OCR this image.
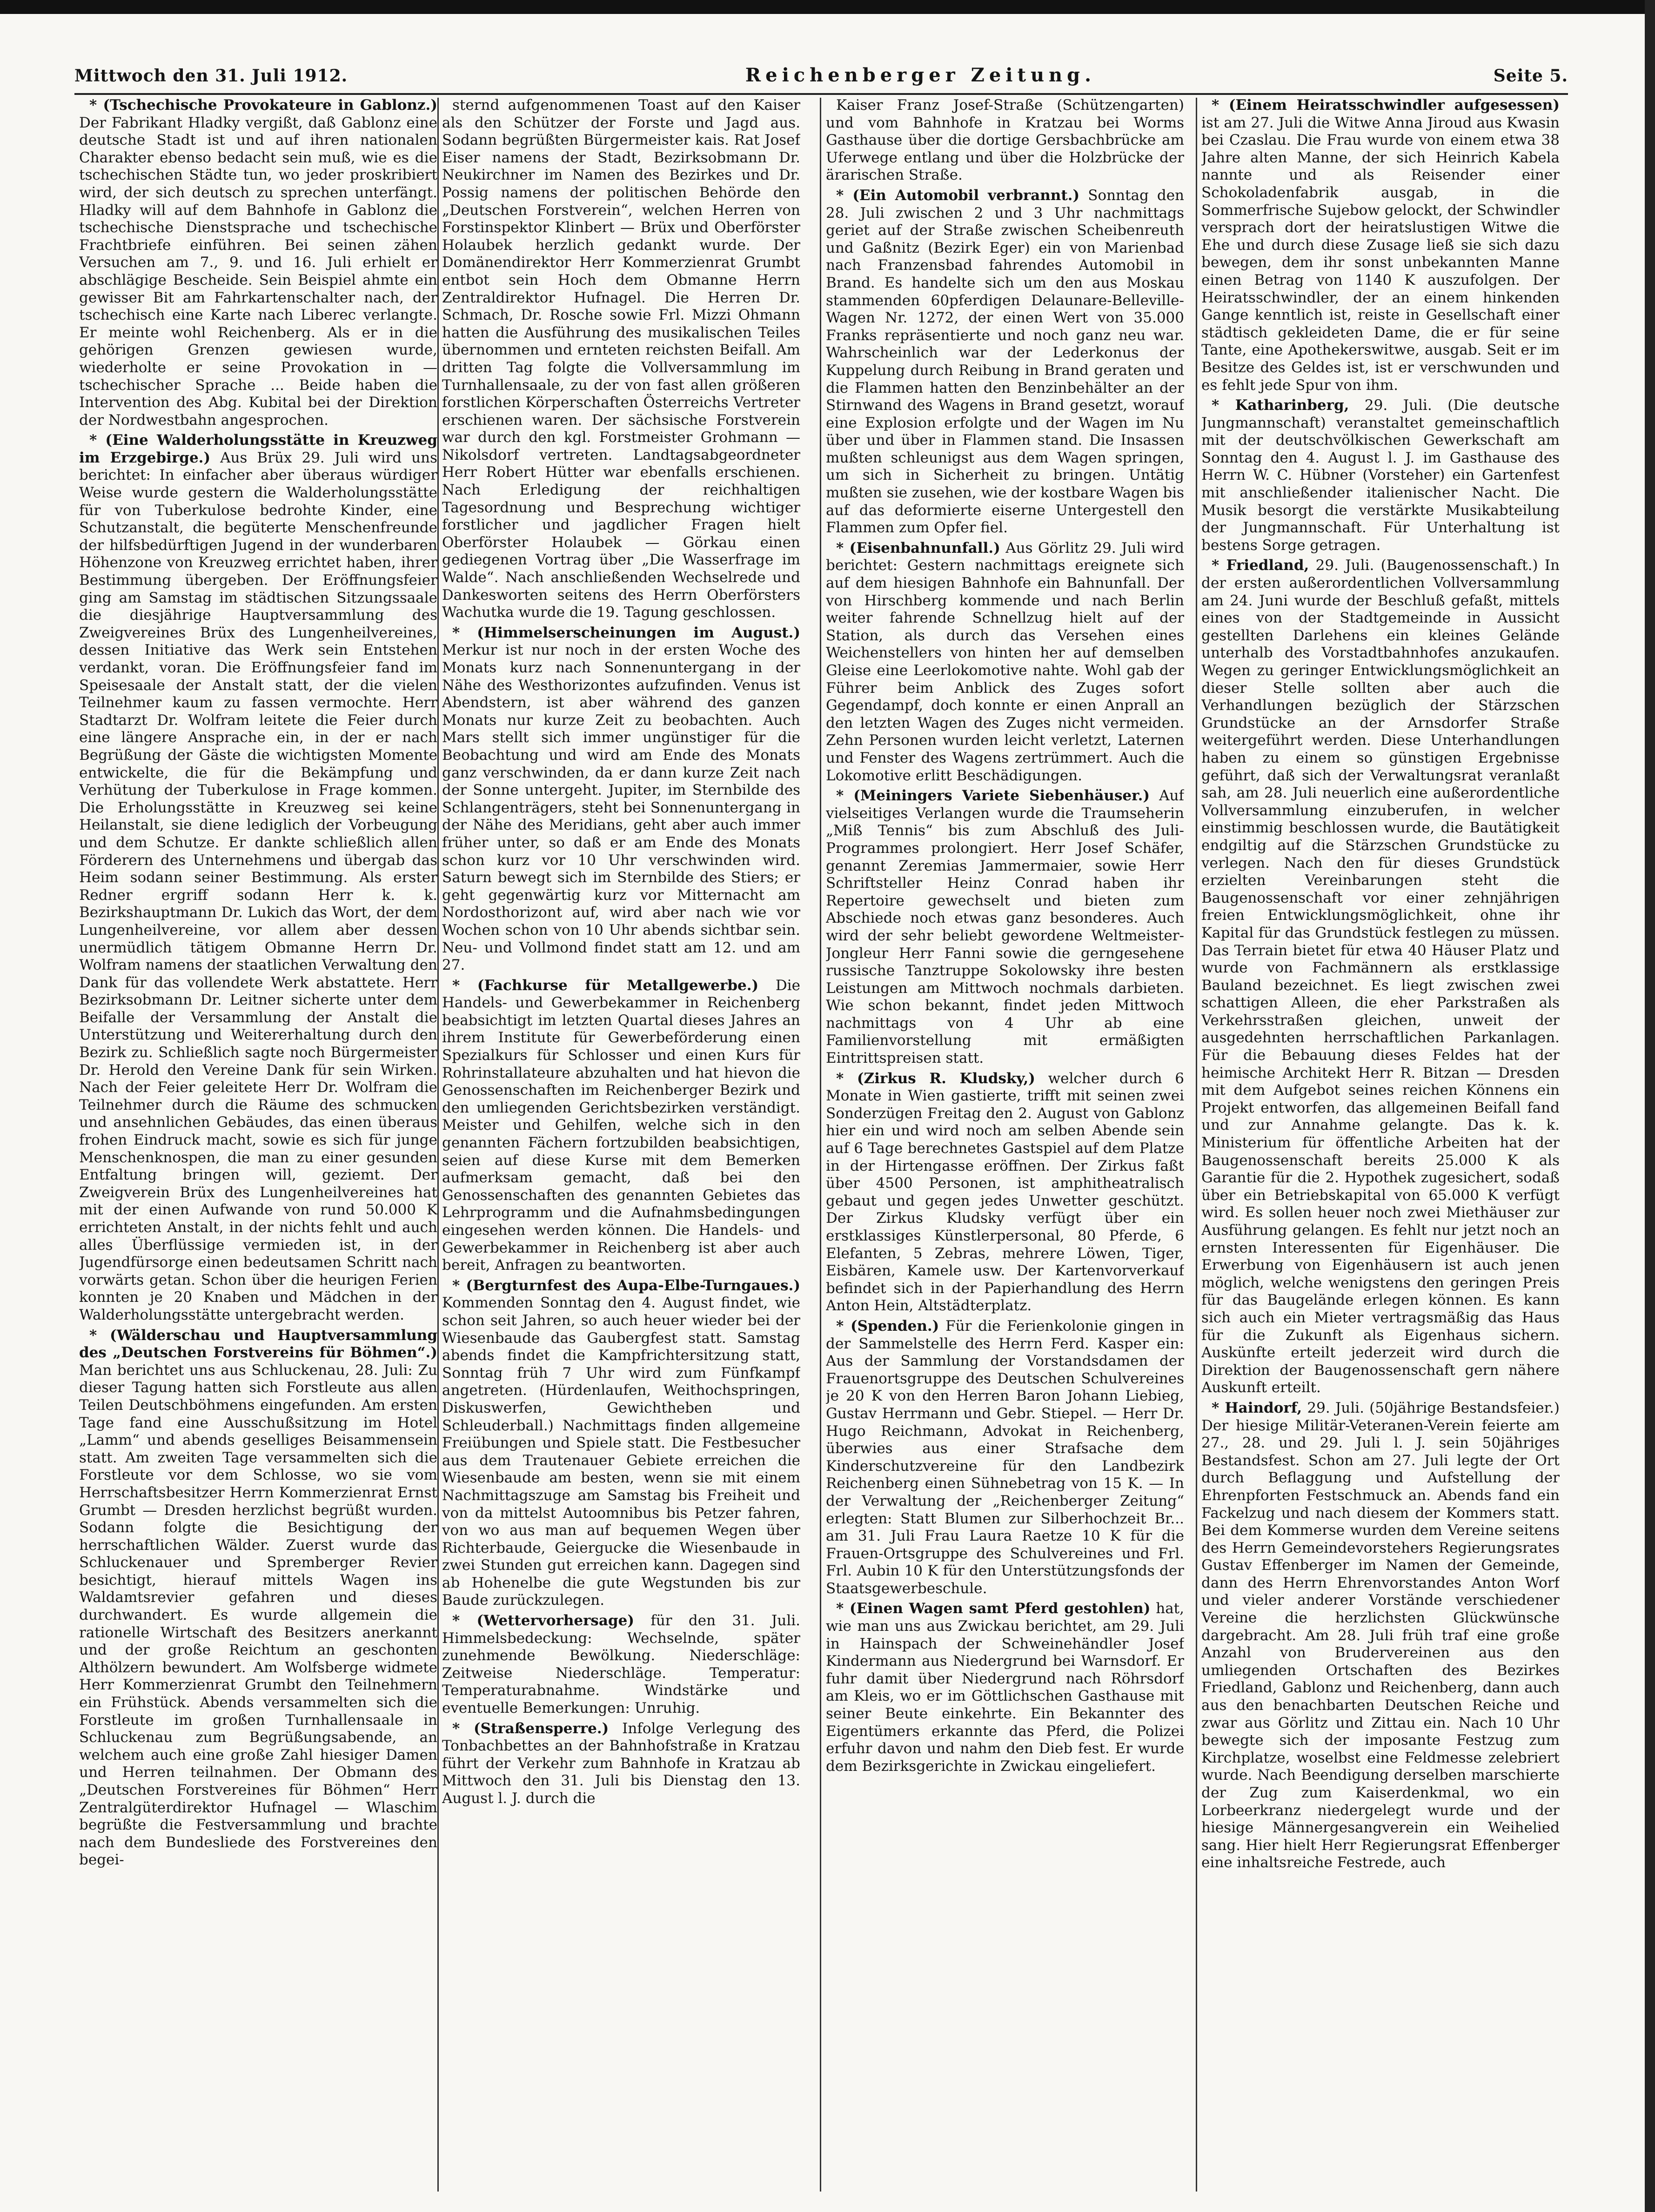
Mittwoch den 31. Juli 1912.	Reichenberger Zeitung.	Seite 5.

* (Tschechische Provokateure in Gablonz.) Der Fabrikant Hladky vergißt, daß Gablonz eine deutsche Stadt ist und auf ihren nationalen Charakter ebenso bedacht sein muß, wie es die tschechischen Städte tun, wo jeder proskribiert wird, der sich deutsch zu sprechen unterfängt. Hladky will auf dem Bahnhofe in Gablonz die tschechische Dienstsprache und tschechische Frachtbriefe einführen. Bei seinen zähen Versuchen am 7., 9. und 16. Juli erhielt er abschlägige Bescheide. Sein Beispiel ahmte ein gewisser Bit am Fahrkartenschalter nach, der tschechisch eine Karte nach Liberec verlangte. Er meinte wohl Reichenberg. Als er in die gehörigen Grenzen gewiesen wurde, wiederholte er seine Provokation in — tschechischer Sprache ... Beide haben die Intervention des Abg. Kubital bei der Direktion der Nordwestbahn angesprochen.

* (Eine Walderholungsstätte in Kreuzweg im Erzgebirge.) Aus Brüx 29. Juli wird uns berichtet: In einfacher aber überaus würdiger Weise wurde gestern die Walderholungsstätte für von Tuberkulose bedrohte Kinder, eine Schutzanstalt, die begüterte Menschenfreunde der hilfsbedürftigen Jugend in der wunderbaren Höhenzone von Kreuzweg errichtet haben, ihrer Bestimmung übergeben. Der Eröffnungsfeier ging am Samstag im städtischen Sitzungssaale die diesjährige Hauptversammlung des Zweigvereines Brüx des Lungenheilvereines, dessen Initiative das Werk sein Entstehen verdankt, voran. Die Eröffnungsfeier fand im Speisesaale der Anstalt statt, der die vielen Teilnehmer kaum zu fassen vermochte. Herr Stadtarzt Dr. Wolfram leitete die Feier durch eine längere Ansprache ein, in der er nach Begrüßung der Gäste die wichtigsten Momente entwickelte, die für die Bekämpfung und Verhütung der Tuberkulose in Frage kommen. Die Erholungsstätte in Kreuzweg sei keine Heilanstalt, sie diene lediglich der Vorbeugung und dem Schutze. Er dankte schließlich allen Förderern des Unternehmens und übergab das Heim sodann seiner Bestimmung. Als erster Redner ergriff sodann Herr k. k. Bezirkshauptmann Dr. Lukich das Wort, der dem Lungenheilvereine, vor allem aber dessen unermüdlich tätigem Obmanne Herrn Dr. Wolfram namens der staatlichen Verwaltung den Dank für das vollendete Werk abstattete. Herr Bezirksobmann Dr. Leitner sicherte unter dem Beifalle der Versammlung der Anstalt die Unterstützung und Weitererhaltung durch den Bezirk zu. Schließlich sagte noch Bürgermeister Dr. Herold den Vereine Dank für sein Wirken. Nach der Feier geleitete Herr Dr. Wolfram die Teilnehmer durch die Räume des schmucken und ansehnlichen Gebäudes, das einen überaus frohen Eindruck macht, sowie es sich für junge Menschenknospen, die man zu einer gesunden Entfaltung bringen will, geziemt. Der Zweigverein Brüx des Lungenheilvereines hat mit der einen Aufwande von rund 50.000 K errichteten Anstalt, in der nichts fehlt und auch alles Überflüssige vermieden ist, in der Jugendfürsorge einen bedeutsamen Schritt nach vorwärts getan. Schon über die heurigen Ferien konnten je 20 Knaben und Mädchen in der Walderholungsstätte untergebracht werden.

* (Wälderschau und Hauptversammlung des „Deutschen Forstvereins für Böhmen“.) Man berichtet uns aus Schluckenau, 28. Juli: Zu dieser Tagung hatten sich Forstleute aus allen Teilen Deutschböhmens eingefunden. Am ersten Tage fand eine Ausschußsitzung im Hotel „Lamm“ und abends geselliges Beisammensein statt. Am zweiten Tage versammelten sich die Forstleute vor dem Schlosse, wo sie vom Herrschaftsbesitzer Herrn Kommerzienrat Ernst Grumbt — Dresden herzlichst begrüßt wurden. Sodann folgte die Besichtigung der herrschaftlichen Wälder. Zuerst wurde das Schluckenauer und Spremberger Revier besichtigt, hierauf mittels Wagen ins Waldamtsrevier gefahren und dieses durchwandert. Es wurde allgemein die rationelle Wirtschaft des Besitzers anerkannt und der große Reichtum an geschonten Althölzern bewundert. Am Wolfsberge widmete Herr Kommerzienrat Grumbt den Teilnehmern ein Frühstück. Abends versammelten sich die Forstleute im großen Turnhallensaale in Schluckenau zum Begrüßungsabende, an welchem auch eine große Zahl hiesiger Damen und Herren teilnahmen. Der Obmann des „Deutschen Forstvereines für Böhmen“ Herr Zentralgüterdirektor Hufnagel — Wlaschim begrüßte die Festversammlung und brachte nach dem Bundesliede des Forstvereines den begei-

sternd aufgenommenen Toast auf den Kaiser als den Schützer der Forste und Jagd aus. Sodann begrüßten Bürgermeister kais. Rat Josef Eiser namens der Stadt, Bezirksobmann Dr. Neukirchner im Namen des Bezirkes und Dr. Possig namens der politischen Behörde den „Deutschen Forstverein“, welchen Herren von Forstinspektor Klinbert — Brüx und Oberförster Holaubek herzlich gedankt wurde. Der Domänendirektor Herr Kommerzienrat Grumbt entbot sein Hoch dem Obmanne Herrn Zentraldirektor Hufnagel. Die Herren Dr. Schmach, Dr. Rosche sowie Frl. Mizzi Ohmann hatten die Ausführung des musikalischen Teiles übernommen und ernteten reichsten Beifall. Am dritten Tag folgte die Vollversammlung im Turnhallensaale, zu der von fast allen größeren forstlichen Körperschaften Österreichs Vertreter erschienen waren. Der sächsische Forstverein war durch den kgl. Forstmeister Grohmann — Nikolsdorf vertreten. Landtagsabgeordneter Herr Robert Hütter war ebenfalls erschienen. Nach Erledigung der reichhaltigen Tagesordnung und Besprechung wichtiger forstlicher und jagdlicher Fragen hielt Oberförster Holaubek — Görkau einen gediegenen Vortrag über „Die Wasserfrage im Walde“. Nach anschließenden Wechselrede und Dankesworten seitens des Herrn Oberförsters Wachutka wurde die 19. Tagung geschlossen.

* (Himmelserscheinungen im August.) Merkur ist nur noch in der ersten Woche des Monats kurz nach Sonnenuntergang in der Nähe des Westhorizontes aufzufinden. Venus ist Abendstern, ist aber während des ganzen Monats nur kurze Zeit zu beobachten. Auch Mars stellt sich immer ungünstiger für die Beobachtung und wird am Ende des Monats ganz verschwinden, da er dann kurze Zeit nach der Sonne untergeht. Jupiter, im Sternbilde des Schlangenträgers, steht bei Sonnenuntergang in der Nähe des Meridians, geht aber auch immer früher unter, so daß er am Ende des Monats schon kurz vor 10 Uhr verschwinden wird. Saturn bewegt sich im Sternbilde des Stiers; er geht gegenwärtig kurz vor Mitternacht am Nordosthorizont auf, wird aber nach wie vor Wochen schon von 10 Uhr abends sichtbar sein. Neu- und Vollmond findet statt am 12. und am 27.

* (Fachkurse für Metallgewerbe.) Die Handels- und Gewerbekammer in Reichenberg beabsichtigt im letzten Quartal dieses Jahres an ihrem Institute für Gewerbeförderung einen Spezialkurs für Schlosser und einen Kurs für Rohrinstallateure abzuhalten und hat hievon die Genossenschaften im Reichenberger Bezirk und den umliegenden Gerichtsbezirken verständigt. Meister und Gehilfen, welche sich in den genannten Fächern fortzubilden beabsichtigen, seien auf diese Kurse mit dem Bemerken aufmerksam gemacht, daß bei den Genossenschaften des genannten Gebietes das Lehrprogramm und die Aufnahmsbedingungen eingesehen werden können. Die Handels- und Gewerbekammer in Reichenberg ist aber auch bereit, Anfragen zu beantworten.

* (Bergturnfest des Aupa-Elbe-Turngaues.) Kommenden Sonntag den 4. August findet, wie schon seit Jahren, so auch heuer wieder bei der Wiesenbaude das Gaubergfest statt. Samstag abends findet die Kampfrichtersitzung statt, Sonntag früh 7 Uhr wird zum Fünfkampf angetreten. (Hürdenlaufen, Weithochspringen, Diskuswerfen, Gewichtheben und Schleuderball.) Nachmittags finden allgemeine Freiübungen und Spiele statt. Die Festbesucher aus dem Trautenauer Gebiete erreichen die Wiesenbaude am besten, wenn sie mit einem Nachmittagszuge am Samstag bis Freiheit und von da mittelst Autoomnibus bis Petzer fahren, von wo aus man auf bequemen Wegen über Richterbaude, Geiergucke die Wiesenbaude in zwei Stunden gut erreichen kann. Dagegen sind ab Hohenelbe die gute Wegstunden bis zur Baude zurückzulegen.

* (Wettervorhersage) für den 31. Juli. Himmelsbedeckung: Wechselnde, später zunehmende Bewölkung. Niederschläge: Zeitweise Niederschläge. Temperatur: Temperaturabnahme. Windstärke und eventuelle Bemerkungen: Unruhig.

* (Straßensperre.) Infolge Verlegung des Tonbachbettes an der Bahnhofstraße in Kratzau führt der Verkehr zum Bahnhofe in Kratzau ab Mittwoch den 31. Juli bis Dienstag den 13. August l. J. durch die

Kaiser Franz Josef-Straße (Schützengarten) und vom Bahnhofe in Kratzau bei Worms Gasthause über die dortige Gersbachbrücke am Uferwege entlang und über die Holzbrücke der ärarischen Straße.

* (Ein Automobil verbrannt.) Sonntag den 28. Juli zwischen 2 und 3 Uhr nachmittags geriet auf der Straße zwischen Scheibenreuth und Gaßnitz (Bezirk Eger) ein von Marienbad nach Franzensbad fahrendes Automobil in Brand. Es handelte sich um den aus Moskau stammenden 60pferdigen Delaunare-Belleville-Wagen Nr. 1272, der einen Wert von 35.000 Franks repräsentierte und noch ganz neu war. Wahrscheinlich war der Lederkonus der Kuppelung durch Reibung in Brand geraten und die Flammen hatten den Benzinbehälter an der Stirnwand des Wagens in Brand gesetzt, worauf eine Explosion erfolgte und der Wagen im Nu über und über in Flammen stand. Die Insassen mußten schleunigst aus dem Wagen springen, um sich in Sicherheit zu bringen. Untätig mußten sie zusehen, wie der kostbare Wagen bis auf das deformierte eiserne Untergestell den Flammen zum Opfer fiel.

* (Eisenbahnunfall.) Aus Görlitz 29. Juli wird berichtet: Gestern nachmittags ereignete sich auf dem hiesigen Bahnhofe ein Bahnunfall. Der von Hirschberg kommende und nach Berlin weiter fahrende Schnellzug hielt auf der Station, als durch das Versehen eines Weichenstellers von hinten her auf demselben Gleise eine Leerlokomotive nahte. Wohl gab der Führer beim Anblick des Zuges sofort Gegendampf, doch konnte er einen Anprall an den letzten Wagen des Zuges nicht vermeiden. Zehn Personen wurden leicht verletzt, Laternen und Fenster des Wagens zertrümmert. Auch die Lokomotive erlitt Beschädigungen.

* (Meiningers Variete Siebenhäuser.) Auf vielseitiges Verlangen wurde die Traumseherin „Miß Tennis“ bis zum Abschluß des Juli-Programmes prolongiert. Herr Josef Schäfer, genannt Zeremias Jammermaier, sowie Herr Schriftsteller Heinz Conrad haben ihr Repertoire gewechselt und bieten zum Abschiede noch etwas ganz besonderes. Auch wird der sehr beliebt gewordene Weltmeister-Jongleur Herr Fanni sowie die gerngesehene russische Tanztruppe Sokolowsky ihre besten Leistungen am Mittwoch nochmals darbieten. Wie schon bekannt, findet jeden Mittwoch nachmittags von 4 Uhr ab eine Familienvorstellung mit ermäßigten Eintrittspreisen statt.

* (Zirkus R. Kludsky,) welcher durch 6 Monate in Wien gastierte, trifft mit seinen zwei Sonderzügen Freitag den 2. August von Gablonz hier ein und wird noch am selben Abende sein auf 6 Tage berechnetes Gastspiel auf dem Platze in der Hirtengasse eröffnen. Der Zirkus faßt über 4500 Personen, ist amphitheatralisch gebaut und gegen jedes Unwetter geschützt. Der Zirkus Kludsky verfügt über ein erstklassiges Künstlerpersonal, 80 Pferde, 6 Elefanten, 5 Zebras, mehrere Löwen, Tiger, Eisbären, Kamele usw. Der Kartenvorverkauf befindet sich in der Papierhandlung des Herrn Anton Hein, Altstädterplatz.

* (Spenden.) Für die Ferienkolonie gingen in der Sammelstelle des Herrn Ferd. Kasper ein: Aus der Sammlung der Vorstandsdamen der Frauenortsgruppe des Deutschen Schulvereines je 20 K von den Herren Baron Johann Liebieg, Gustav Herrmann und Gebr. Stiepel. — Herr Dr. Hugo Reichmann, Advokat in Reichenberg, überwies aus einer Strafsache dem Kinderschutzvereine für den Landbezirk Reichenberg einen Sühnebetrag von 15 K. — In der Verwaltung der „Reichenberger Zeitung“ erlegten: Statt Blumen zur Silberhochzeit Br... am 31. Juli Frau Laura Raetze 10 K für die Frauen-Ortsgruppe des Schulvereines und Frl. Frl. Aubin 10 K für den Unterstützungsfonds der Staatsgewerbeschule.

* (Einen Wagen samt Pferd gestohlen) hat, wie man uns aus Zwickau berichtet, am 29. Juli in Hainspach der Schweinehändler Josef Kindermann aus Niedergrund bei Warnsdorf. Er fuhr damit über Niedergrund nach Röhrsdorf am Kleis, wo er im Göttlichschen Gasthause mit seiner Beute einkehrte. Ein Bekannter des Eigentümers erkannte das Pferd, die Polizei erfuhr davon und nahm den Dieb fest. Er wurde dem Bezirksgerichte in Zwickau eingeliefert.

* (Einem Heiratsschwindler aufgesessen) ist am 27. Juli die Witwe Anna Jiroud aus Kwasin bei Czaslau. Die Frau wurde von einem etwa 38 Jahre alten Manne, der sich Heinrich Kabela nannte und als Reisender einer Schokoladenfabrik ausgab, in die Sommerfrische Sujebow gelockt, der Schwindler versprach dort der heiratslustigen Witwe die Ehe und durch diese Zusage ließ sie sich dazu bewegen, dem ihr sonst unbekannten Manne einen Betrag von 1140 K auszufolgen. Der Heiratsschwindler, der an einem hinkenden Gange kenntlich ist, reiste in Gesellschaft einer städtisch gekleideten Dame, die er für seine Tante, eine Apothekerswitwe, ausgab. Seit er im Besitze des Geldes ist, ist er verschwunden und es fehlt jede Spur von ihm.

* Katharinberg, 29. Juli. (Die deutsche Jungmannschaft) veranstaltet gemeinschaftlich mit der deutschvölkischen Gewerkschaft am Sonntag den 4. August l. J. im Gasthause des Herrn W. C. Hübner (Vorsteher) ein Gartenfest mit anschließender italienischer Nacht. Die Musik besorgt die verstärkte Musikabteilung der Jungmannschaft. Für Unterhaltung ist bestens Sorge getragen.

* Friedland, 29. Juli. (Baugenossenschaft.) In der ersten außerordentlichen Vollversammlung am 24. Juni wurde der Beschluß gefaßt, mittels eines von der Stadtgemeinde in Aussicht gestellten Darlehens ein kleines Gelände unterhalb des Vorstadtbahnhofes anzukaufen. Wegen zu geringer Entwicklungsmöglichkeit an dieser Stelle sollten aber auch die Verhandlungen bezüglich der Stärzschen Grundstücke an der Arnsdorfer Straße weitergeführt werden. Diese Unterhandlungen haben zu einem so günstigen Ergebnisse geführt, daß sich der Verwaltungsrat veranlaßt sah, am 28. Juli neuerlich eine außerordentliche Vollversammlung einzuberufen, in welcher einstimmig beschlossen wurde, die Bautätigkeit endgiltig auf die Stärzschen Grundstücke zu verlegen. Nach den für dieses Grundstück erzielten Vereinbarungen steht die Baugenossenschaft vor einer zehnjährigen freien Entwicklungsmöglichkeit, ohne ihr Kapital für das Grundstück festlegen zu müssen. Das Terrain bietet für etwa 40 Häuser Platz und wurde von Fachmännern als erstklassige Bauland bezeichnet. Es liegt zwischen zwei schattigen Alleen, die eher Parkstraßen als Verkehrsstraßen gleichen, unweit der ausgedehnten herrschaftlichen Parkanlagen. Für die Bebauung dieses Feldes hat der heimische Architekt Herr R. Bitzan — Dresden mit dem Aufgebot seines reichen Könnens ein Projekt entworfen, das allgemeinen Beifall fand und zur Annahme gelangte. Das k. k. Ministerium für öffentliche Arbeiten hat der Baugenossenschaft bereits 25.000 K als Garantie für die 2. Hypothek zugesichert, sodaß über ein Betriebskapital von 65.000 K verfügt wird. Es sollen heuer noch zwei Miethäuser zur Ausführung gelangen. Es fehlt nur jetzt noch an ernsten Interessenten für Eigenhäuser. Die Erwerbung von Eigenhäusern ist auch jenen möglich, welche wenigstens den geringen Preis für das Baugelände erlegen können. Es kann sich auch ein Mieter vertragsmäßig das Haus für die Zukunft als Eigenhaus sichern. Auskünfte erteilt jederzeit wird durch die Direktion der Baugenossenschaft gern nähere Auskunft erteilt.

* Haindorf, 29. Juli. (50jährige Bestandsfeier.) Der hiesige Militär-Veteranen-Verein feierte am 27., 28. und 29. Juli l. J. sein 50jähriges Bestandsfest. Schon am 27. Juli legte der Ort durch Beflaggung und Aufstellung der Ehrenpforten Festschmuck an. Abends fand ein Fackelzug und nach diesem der Kommers statt. Bei dem Kommerse wurden dem Vereine seitens des Herrn Gemeindevorstehers Regierungsrates Gustav Effenberger im Namen der Gemeinde, dann des Herrn Ehrenvorstandes Anton Worf und vieler anderer Vorstände verschiedener Vereine die herzlichsten Glückwünsche dargebracht. Am 28. Juli früh traf eine große Anzahl von Brudervereinen aus den umliegenden Ortschaften des Bezirkes Friedland, Gablonz und Reichenberg, dann auch aus den benachbarten Deutschen Reiche und zwar aus Görlitz und Zittau ein. Nach 10 Uhr bewegte sich der imposante Festzug zum Kirchplatze, woselbst eine Feldmesse zelebriert wurde. Nach Beendigung derselben marschierte der Zug zum Kaiserdenkmal, wo ein Lorbeerkranz niedergelegt wurde und der hiesige Männergesangverein ein Weihelied sang. Hier hielt Herr Regierungsrat Effenberger eine inhaltsreiche Festrede, auch
